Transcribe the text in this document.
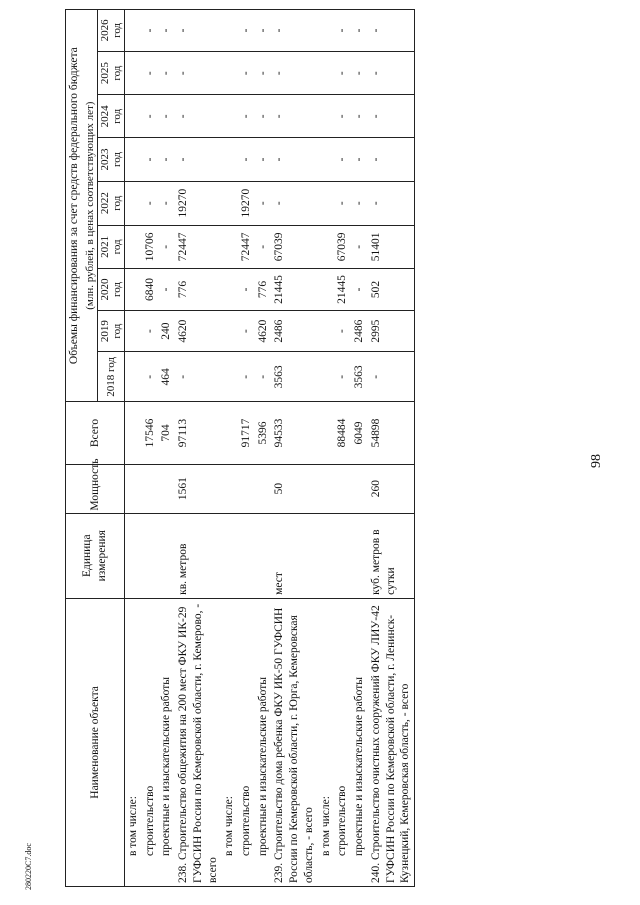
98
280220С7.doc
Наименование объекта	Единица измерения	Мощность	Всего	Объемы финансирования за счет средств федерального бюджета								
				(млн. рублей, в ценах соответствующих лет)								
				2018 год	2019 год	2020 год	2021 год	2022 год	2023 год	2024 год	2025 год	2026 год
в том числе:												
строительство			17546	-	-	6840	10706	-	-	-	-	-
проектные и изыскательские работы			704	464	240	-	-	-	-	-	-	-
238. Строительство общежития на 200 мест ФКУ ИК-29 ГУФСИН России по Кемеровской области, г. Кемерово, - всего	кв. метров	1561	97113	-	4620	776	72447	19270	-	-	-	-
в том числе:												
строительство			91717	-	-	-	72447	19270	-	-	-	-
проектные и изыскательские работы			5396	-	4620	776	-	-	-	-	-	-
239. Строительство дома ребенка ФКУ ИК-50 ГУФСИН России по Кемеровской области, г. Юрга, Кемеровская область, - всего	мест	50	94533	3563	2486	21445	67039	-	-	-	-	-
в том числе:												
строительство			88484	-	-	21445	67039	-	-	-	-	-
проектные и изыскательские работы			6049	3563	2486	-	-	-	-	-	-	-
240. Строительство очистных сооружений ФКУ ЛИУ-42 ГУФСИН России по Кемеровской области, г. Ленинск-Кузнецкий, Кемеровская область, - всего	куб. метров в сутки	260	54898	-	2995	502	51401	-	-	-	-	-
